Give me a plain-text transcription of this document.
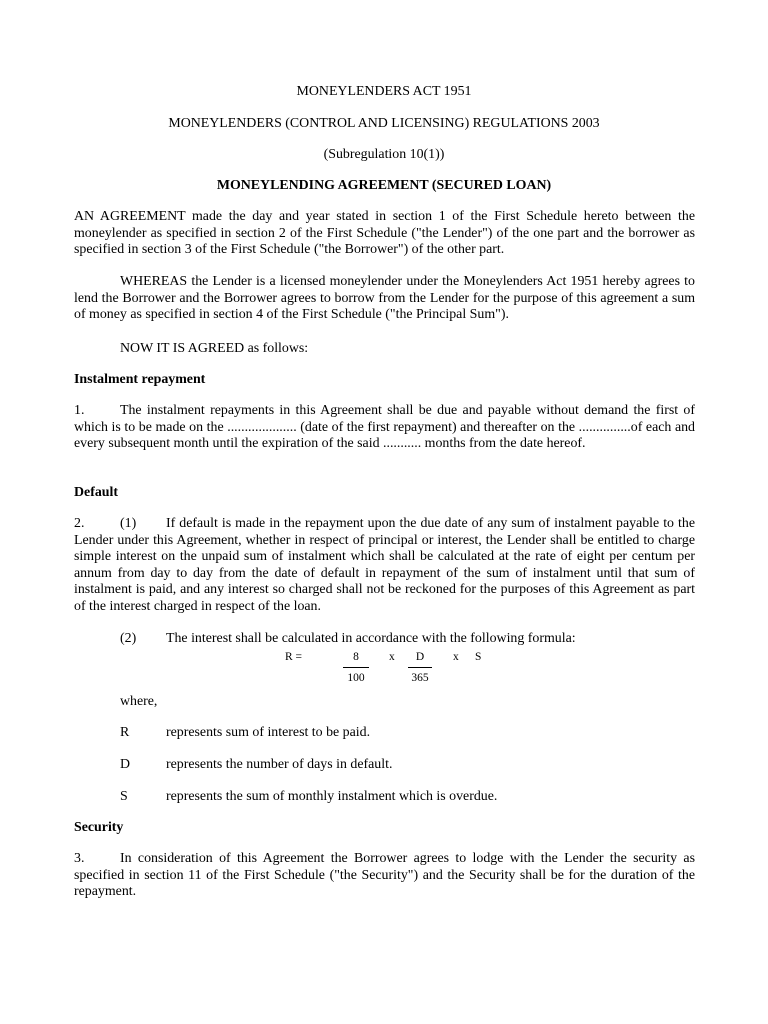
MONEYLENDERS ACT 1951
MONEYLENDERS (CONTROL AND LICENSING) REGULATIONS 2003
(Subregulation 10(1))
MONEYLENDING AGREEMENT (SECURED LOAN)
AN AGREEMENT made the day and year stated in section 1 of the First Schedule hereto between the moneylender as specified in section 2 of the First Schedule ("the Lender") of the one part and the borrower as specified in section 3 of the First Schedule ("the Borrower") of the other part.
WHEREAS the Lender is a licensed moneylender under the Moneylenders Act 1951 hereby agrees to lend the Borrower and the Borrower agrees to borrow from the Lender for the purpose of this agreement a sum of money as specified in section 4 of the First Schedule ("the Principal Sum").
NOW IT IS AGREED as follows:
Instalment repayment
1.	The instalment repayments in this Agreement shall be due and payable without demand the first of which is to be made on the .................... (date of the first repayment) and thereafter on the ...............of each and every subsequent month until the expiration of the said ........... months from the date hereof.
Default
2.	(1) If default is made in the repayment upon the due date of any sum of instalment payable to the Lender under this Agreement, whether in respect of principal or interest, the Lender shall be entitled to charge simple interest on the unpaid sum of instalment which shall be calculated at the rate of eight per centum per annum from day to day from the date of default in repayment of the sum of instalment until that sum of instalment is paid, and any interest so charged shall not be reckoned for the purposes of this Agreement as part of the interest charged in respect of the loan.
(2) The interest shall be calculated in accordance with the following formula:
R =	8
100
x	D
365
x S
where,
R	represents sum of interest to be paid.
D	represents the number of days in default.
S	represents the sum of monthly instalment which is overdue.
Security
3.	In consideration of this Agreement the Borrower agrees to lodge with the Lender the security as specified in section 11 of the First Schedule ("the Security") and the Security shall be for the duration of the repayment.
